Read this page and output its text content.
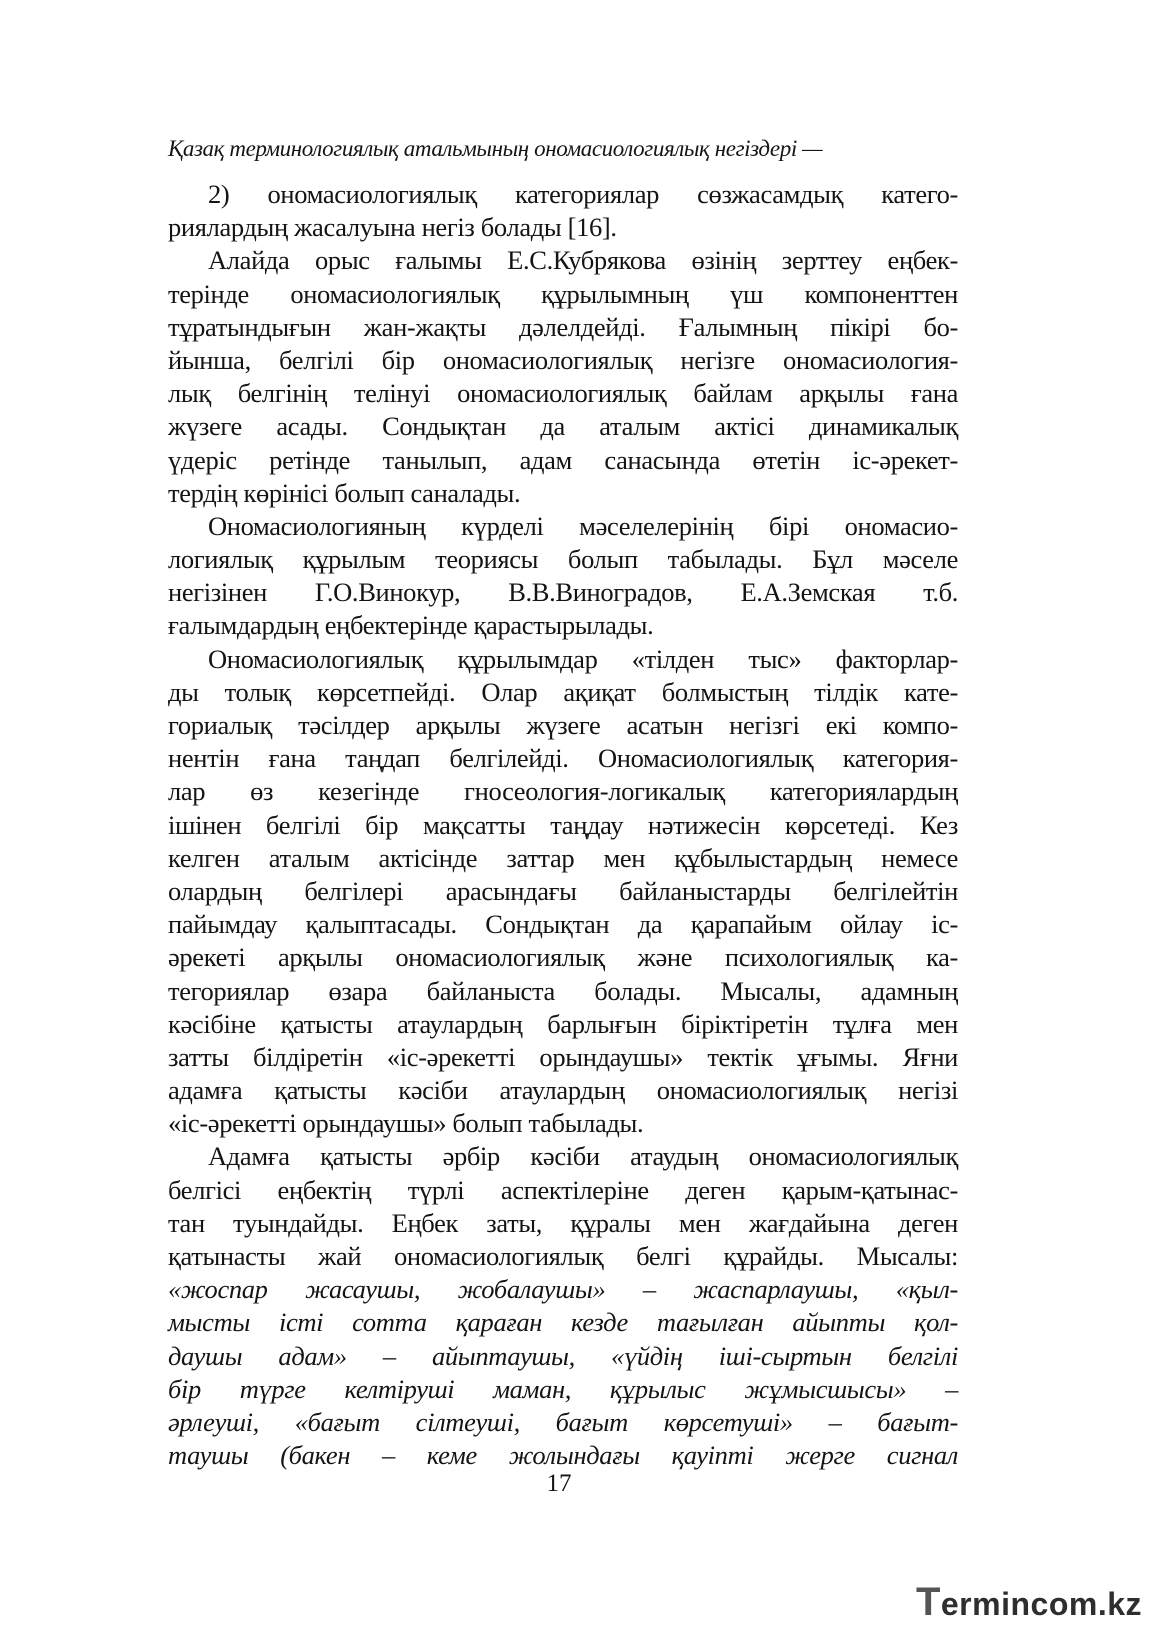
Қазақ терминологиялық атальмының ономасиологиялық негіздері —
2) ономасиологиялық категориялар сөзжасамдық катего-
риялардың жасалуына негіз болады [16].
Алайда орыс ғалымы Е.С.Кубрякова өзінің зерттеу еңбек-
терінде ономасиологиялық құрылымның үш компоненттен
тұратындығын жан-жақты дәлелдейді. Ғалымның пікірі бо-
йынша, белгілі бір ономасиологиялық негізге ономасиология-
лық белгінің телінуі ономасиологиялық байлам арқылы ғана
жүзеге асады. Сондықтан да аталым актісі динамикалық
үдеріс ретінде танылып, адам санасында өтетін іс-әрекет-
тердің көрінісі болып саналады.
Ономасиологияның күрделі мәселелерінің бірі ономасио-
логиялық құрылым теориясы болып табылады. Бұл мәселе
негізінен Г.О.Винокур, В.В.Виноградов, Е.А.Земская т.б.
ғалымдардың еңбектерінде қарастырылады.
Ономасиологиялық құрылымдар «тілден тыс» факторлар-
ды толық көрсетпейді. Олар ақиқат болмыстың тілдік кате-
гориалық тәсілдер арқылы жүзеге асатын негізгі екі компо-
нентін ғана таңдап белгілейді. Ономасиологиялық категория-
лар өз кезегінде гносеология-логикалық категориялардың
ішінен белгілі бір мақсатты таңдау нәтижесін көрсетеді. Кез
келген аталым актісінде заттар мен құбылыстардың немесе
олардың белгілері арасындағы байланыстарды белгілейтін
пайымдау қалыптасады. Сондықтан да қарапайым ойлау іс-
әрекеті арқылы ономасиологиялық және психологиялық ка-
тегориялар өзара байланыста болады. Мысалы, адамның
кәсібіне қатысты атаулардың барлығын біріктіретін тұлға мен
затты білдіретін «іс-әрекетті орындаушы» тектік ұғымы. Яғни
адамға қатысты кәсіби атаулардың ономасиологиялық негізі
«іс-әрекетті орындаушы» болып табылады.
Адамға қатысты әрбір кәсіби атаудың ономасиологиялық
белгісі еңбектің түрлі аспектілеріне деген қарым-қатынас-
тан туындайды. Еңбек заты, құралы мен жағдайына деген
қатынасты жай ономасиологиялық белгі құрайды. Мысалы:
«жоспар жасаушы, жобалаушы» – жаспарлаушы, «қыл-
мысты істі сотта қараған кезде тағылған айыпты қол-
даушы адам» – айыптаушы, «үйдің іші-сыртын белгілі
бір түрге келтіруші маман, құрылыс жұмысшысы» –
әрлеуші, «бағыт сілтеуші, бағыт көрсетуші» – бағыт-
таушы (бакен – кеме жолындағы қауіпті жерге сигнал
17
Termincom.kz
